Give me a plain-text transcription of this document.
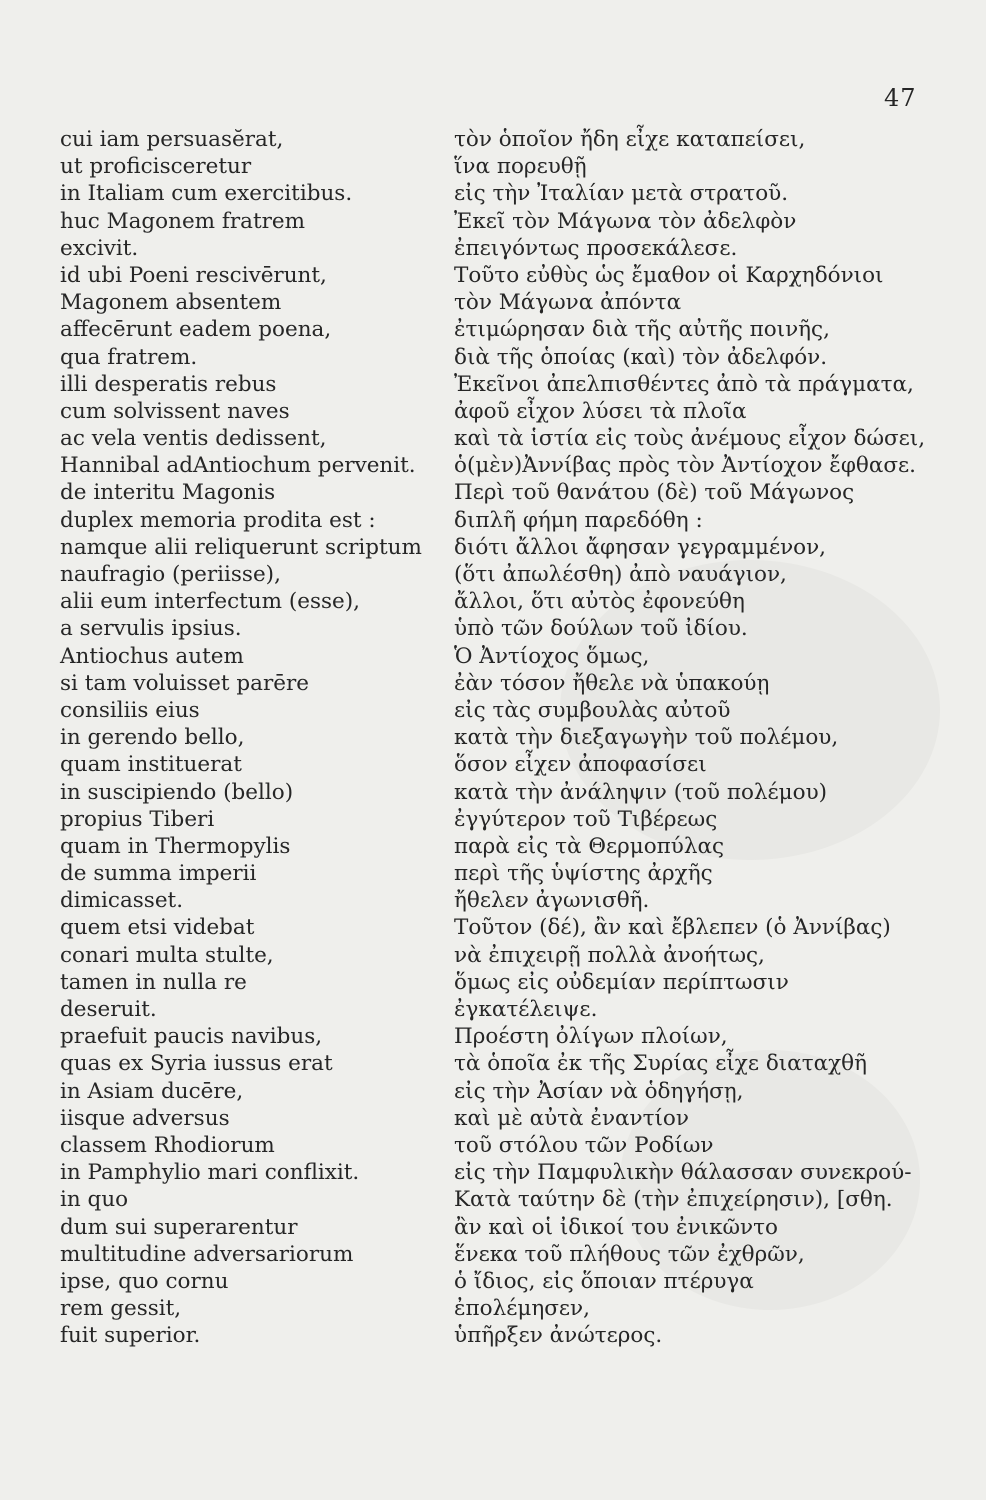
47
cui iam persuasĕrat,	τὸν ὁποῖον ἤδη εἶχε καταπείσει,
ut proficisceretur	ἵνα πορευθῇ
in Italiam cum exercitibus.	εἰς τὴν Ἰταλίαν μετὰ στρατοῦ.
huc Magonem fratrem	Ἐκεῖ τὸν Μάγωνα τὸν ἀδελφὸν
excivit.	ἐπειγόντως προσεκάλεσε.
id ubi Poeni rescivērunt,	Τοῦτο εὐθὺς ὡς ἔμαθον οἱ Καρχηδόνιοι
Magonem absentem	τὸν Μάγωνα ἀπόντα
affecērunt eadem poena,	ἐτιμώρησαν διὰ τῆς αὐτῆς ποινῆς,
qua fratrem.	διὰ τῆς ὁποίας (καὶ) τὸν ἀδελφόν.
illi desperatis rebus	Ἐκεῖνοι ἀπελπισθέντες ἀπὸ τὰ πράγματα,
cum solvissent naves	ἀφοῦ εἶχον λύσει τὰ πλοῖα
ac vela ventis dedissent,	καὶ τὰ ἱστία εἰς τοὺς ἀνέμους εἶχον δώσει,
Hannibal adAntiochum pervenit. ὁ(μὲν)Ἀννίβας πρὸς τὸν Ἀντίοχον ἔφθασε.
de interitu Magonis	Περὶ τοῦ θανάτου (δὲ) τοῦ Μάγωνος
duplex memoria prodita est :	διπλῆ φήμη παρεδόθη :
namque alii reliquerunt scriptum διότι ἄλλοι ἄφησαν γεγραμμένον,
naufragio (periisse),	(ὅτι ἀπωλέσθη) ἀπὸ ναυάγιον,
alii eum interfectum (esse),	ἄλλοι, ὅτι αὐτὸς ἐφονεύθη
a servulis ipsius.	ὑπὸ τῶν δούλων τοῦ ἰδίου.
Antiochus autem	Ὁ Ἀντίοχος ὅμως,
si tam voluisset parēre	ἐὰν τόσον ἤθελε νὰ ὑπακούῃ
consiliis eius	εἰς τὰς συμβουλὰς αὐτοῦ
in gerendo bello,	κατὰ τὴν διεξαγωγὴν τοῦ πολέμου,
quam instituerat	ὅσον εἶχεν ἀποφασίσει
in suscipiendo (bello)	κατὰ τὴν ἀνάληψιν (τοῦ πολέμου)
propius Tiberi	ἐγγύτερον τοῦ Τιβέρεως
quam in Thermopylis	παρὰ εἰς τὰ Θερμοπύλας
de summa imperii	περὶ τῆς ὑψίστης ἀρχῆς
dimicasset.	ἤθελεν ἀγωνισθῆ.
quem etsi videbat	Τοῦτον (δέ), ἂν καὶ ἔβλεπεν (ὁ Ἀννίβας)
conari multa stulte,	νὰ ἐπιχειρῇ πολλὰ ἀνοήτως,
tamen in nulla re	ὅμως εἰς οὐδεμίαν περίπτωσιν
deseruit.	ἐγκατέλειψε.
praefuit paucis navibus,	Προέστη ὀλίγων πλοίων,
quas ex Syria iussus erat	τὰ ὁποῖα ἐκ τῆς Συρίας εἶχε διαταχθῆ
in Asiam ducēre,	εἰς τὴν Ἀσίαν νὰ ὁδηγήσῃ,
iisque adversus	καὶ μὲ αὐτὰ ἐναντίον
classem Rhodiorum	τοῦ στόλου τῶν Ροδίων
in Pamphylio mari conflixit.	εἰς τὴν Παμφυλικὴν θάλασσαν συνεκρού-
in quo	Κατὰ ταύτην δὲ (τὴν ἐπιχείρησιν), [σθη.
dum sui superarentur	ἂν καὶ οἱ ἰδικοί του ἐνικῶντο
multitudine adversariorum	ἕνεκα τοῦ πλήθους τῶν ἐχθρῶν,
ipse, quo cornu	ὁ ἴδιος, εἰς ὅποιαν πτέρυγα
rem gessit,	ἐπολέμησεν,
fuit superior.	ὑπῆρξεν ἀνώτερος.
